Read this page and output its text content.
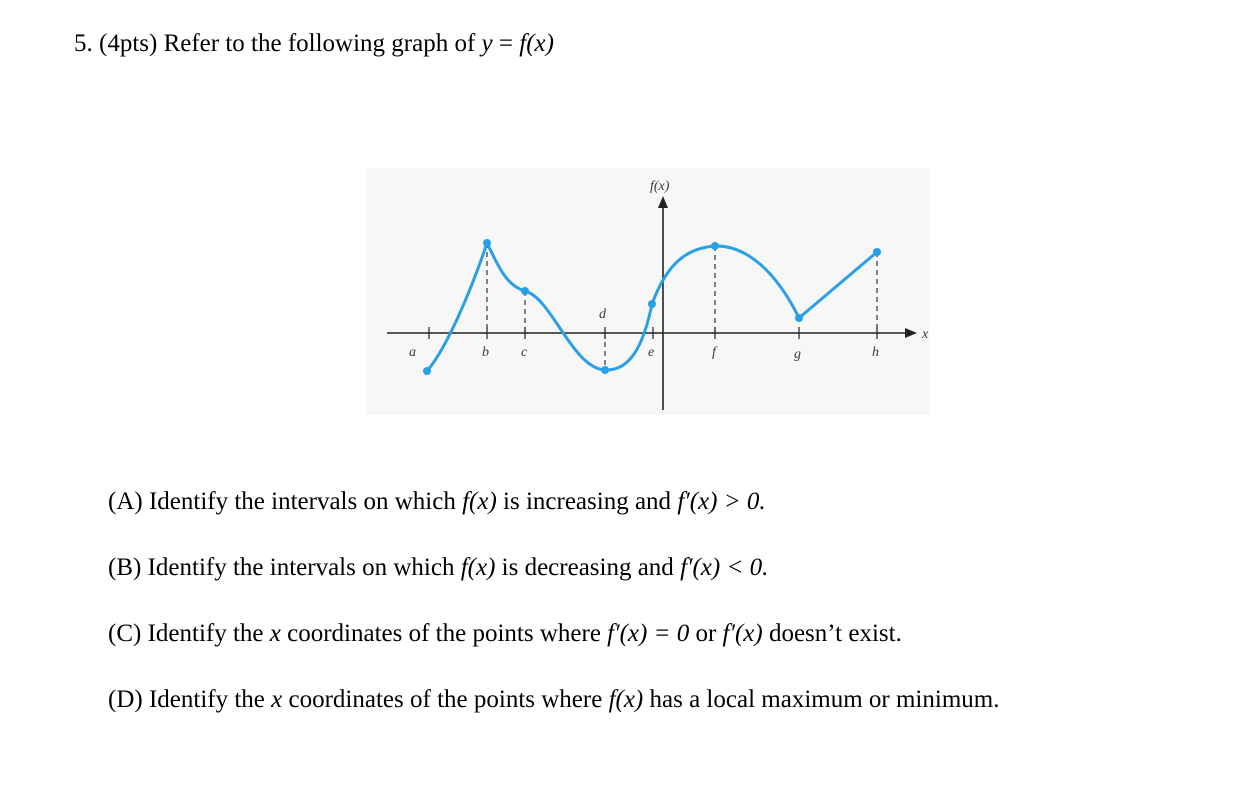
5. (4pts) Refer to the following graph of y = f(x)
f(x)
x
a	b c
d
e	f	g	h
(A) Identify the intervals on which f(x) is increasing and f′(x) > 0.
(B) Identify the intervals on which f(x) is decreasing and f′(x) < 0.
(C) Identify the x coordinates of the points where f′(x) = 0 or f′(x) doesn’t exist.
(D) Identify the x coordinates of the points where f(x) has a local maximum or minimum.
